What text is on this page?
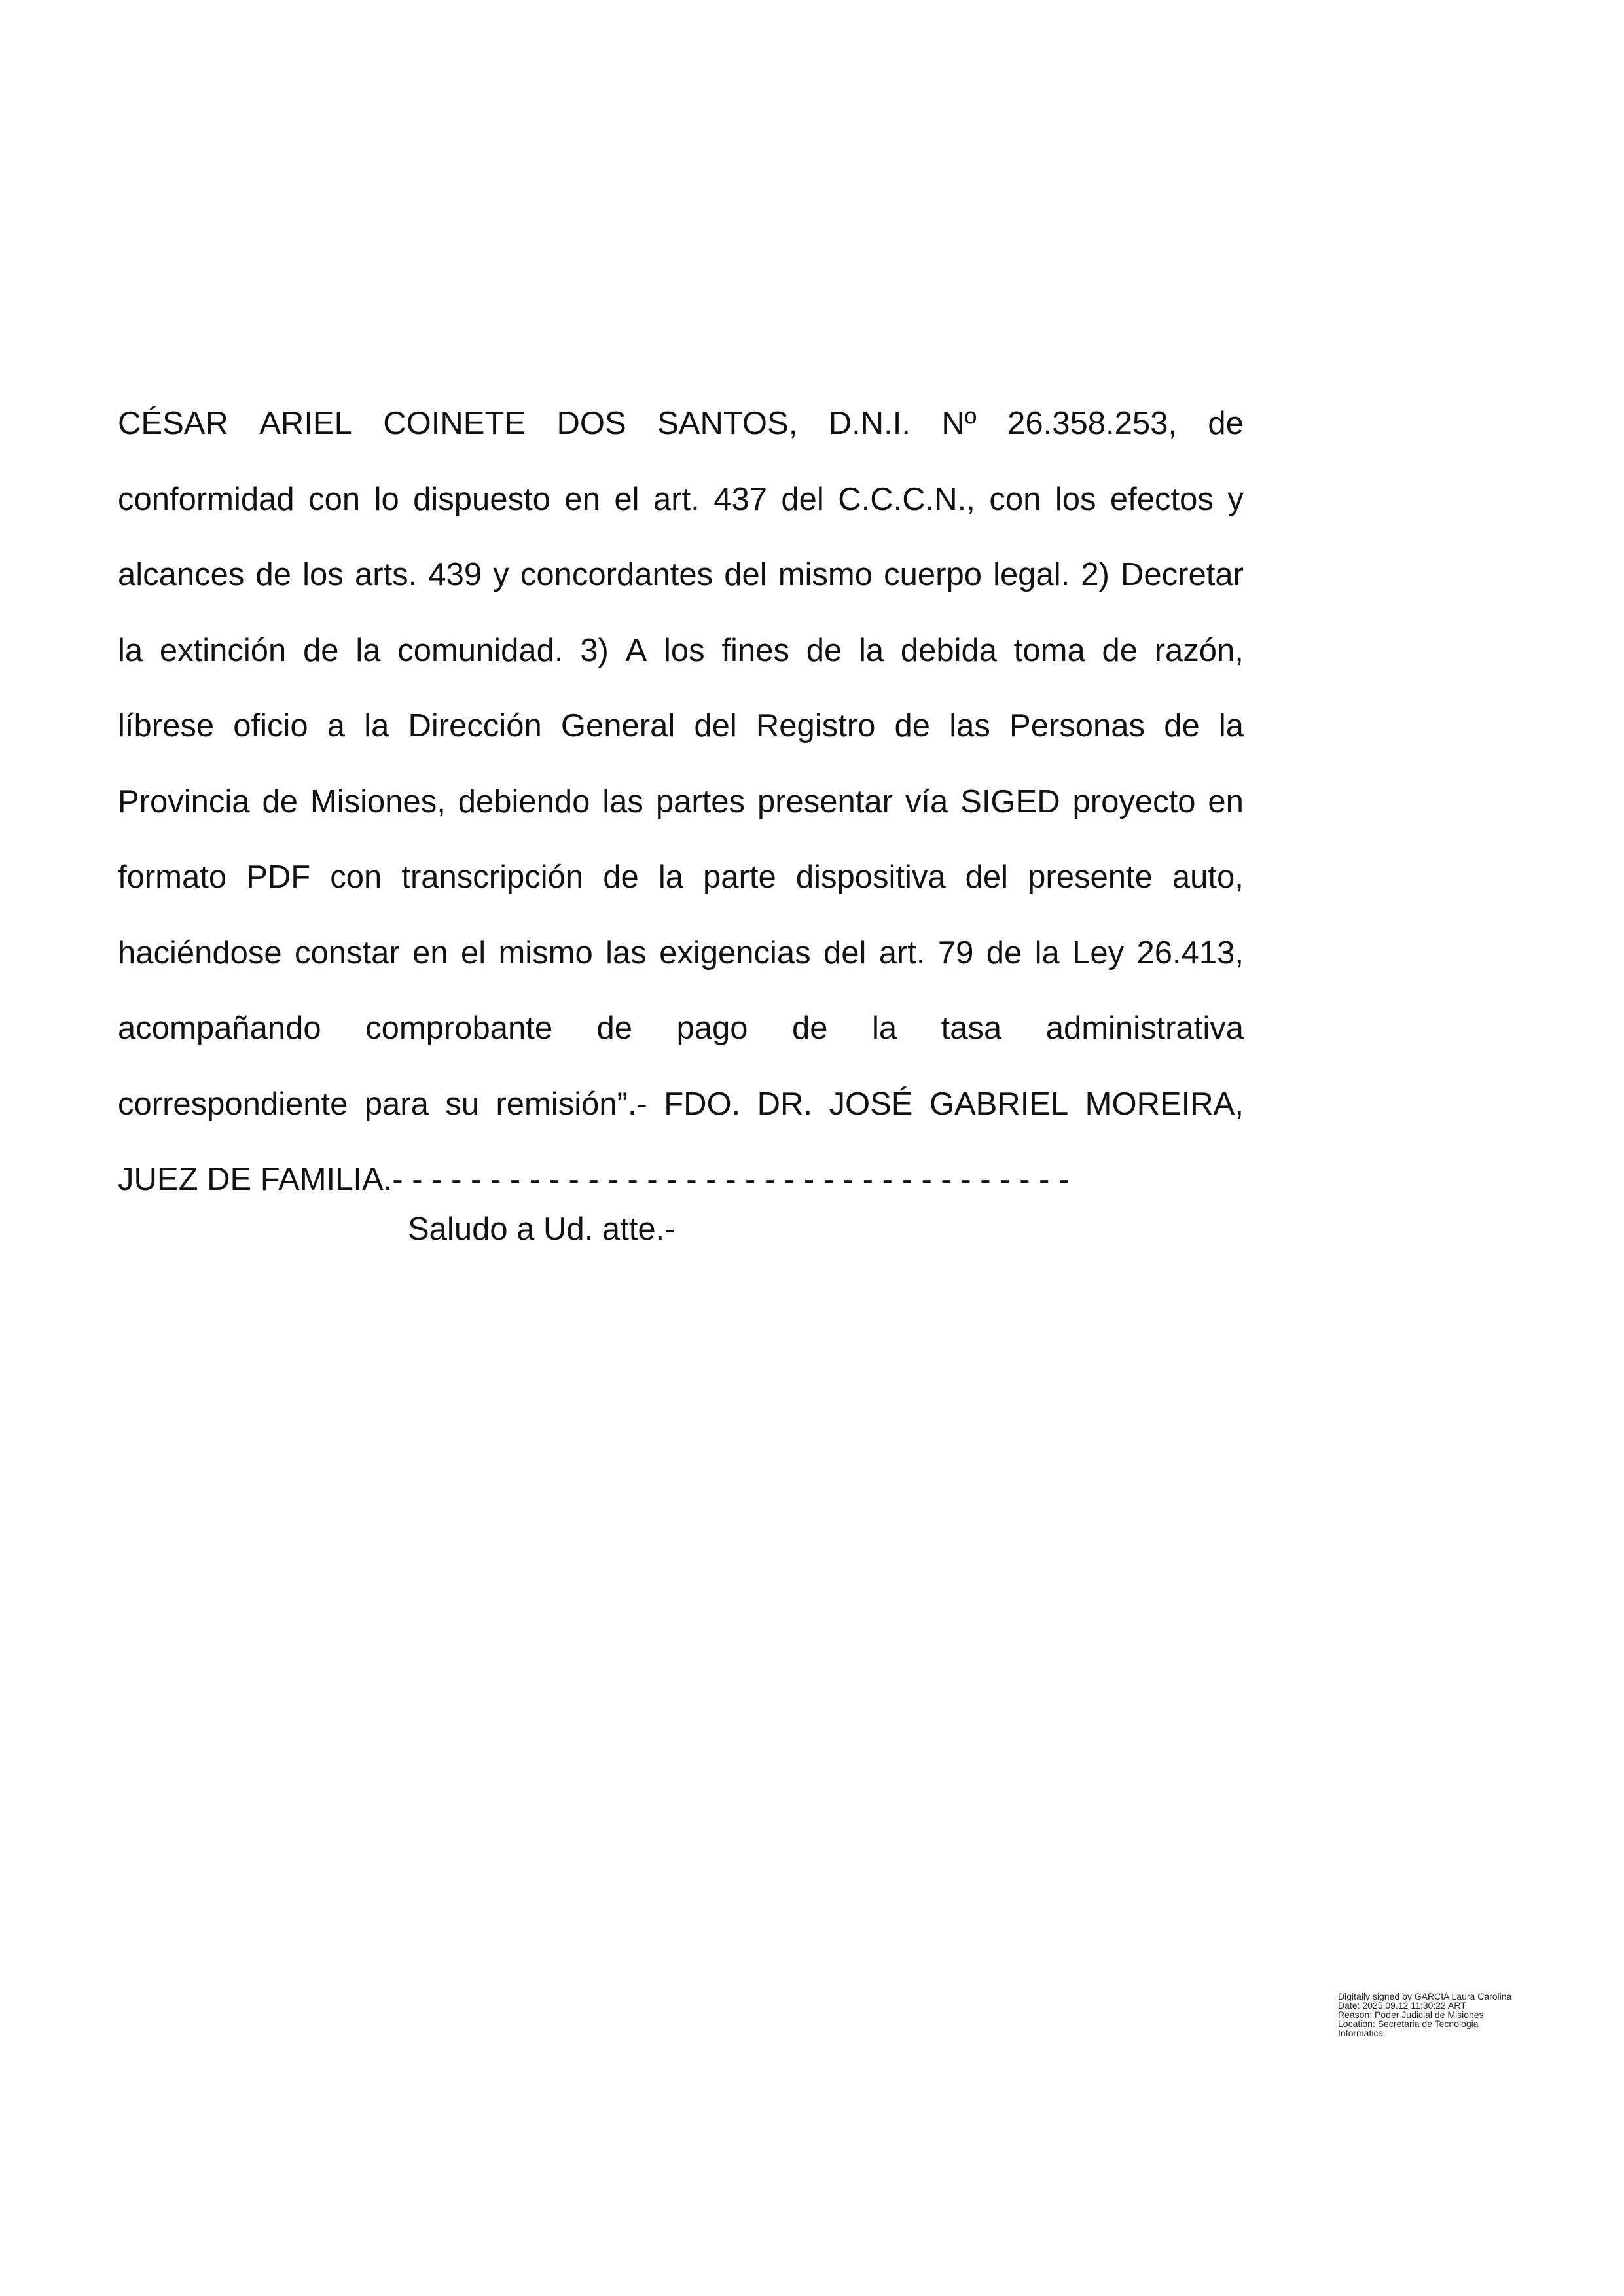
CÉSAR ARIEL COINETE DOS SANTOS, D.N.I. Nº 26.358.253, de
conformidad con lo dispuesto en el art. 437 del C.C.C.N., con los efectos y
alcances de los arts. 439 y concordantes del mismo cuerpo legal. 2) Decretar
la extinción de la comunidad. 3) A los fines de la debida toma de razón,
líbrese oficio a la Dirección General del Registro de las Personas de la
Provincia de Misiones, debiendo las partes presentar vía SIGED proyecto en
formato PDF con transcripción de la parte dispositiva del presente auto,
haciéndose constar en el mismo las exigencias del art. 79 de la Ley 26.413,
acompañando comprobante de pago de la tasa administrativa
correspondiente para su remisión”.- FDO. DR. JOSÉ GABRIEL MOREIRA,
JUEZ DE FAMILIA.- - - - - - - - - - - - - - - - - - - - - - - - - - - - - - - - - - -
Saludo a Ud. atte.-
Digitally signed by GARCIA Laura Carolina
Date: 2025.09.12 11:30:22 ART
Reason: Poder Judicial de Misiones
Location: Secretaria de Tecnologia
Informatica
